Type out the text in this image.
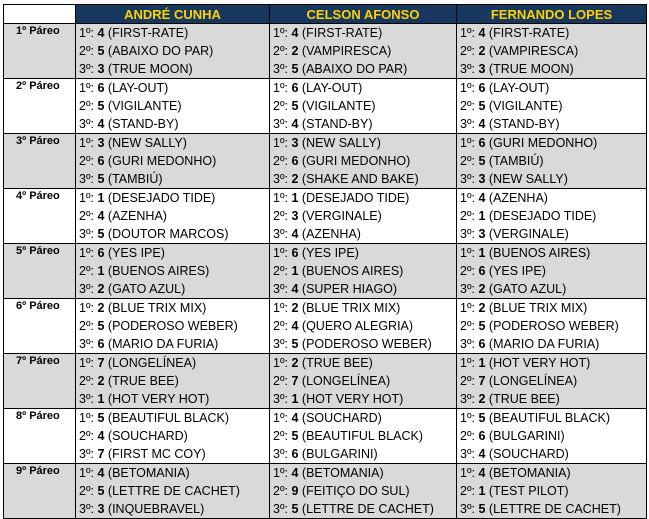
	ANDRÉ CUNHA	CELSON AFONSO	FERNANDO LOPES
1º Páreo	1º: 4 (FIRST-RATE)	1º: 4 (FIRST-RATE)	1º: 4 (FIRST-RATE)
	2º: 5 (ABAIXO DO PAR)	2º: 2 (VAMPIRESCA)	2º: 2 (VAMPIRESCA)
	3º: 3 (TRUE MOON)	3º: 5 (ABAIXO DO PAR)	3º: 3 (TRUE MOON)
2º Páreo	1º: 6 (LAY-OUT)	1º: 6 (LAY-OUT)	1º: 6 (LAY-OUT)
	2º: 5 (VIGILANTE)	2º: 5 (VIGILANTE)	2º: 5 (VIGILANTE)
	3º: 4 (STAND-BY)	3º: 4 (STAND-BY)	3º: 4 (STAND-BY)
3º Páreo	1º: 3 (NEW SALLY)	1º: 3 (NEW SALLY)	1º: 6 (GURI MEDONHO)
	2º: 6 (GURI MEDONHO)	2º: 6 (GURI MEDONHO)	2º: 5 (TAMBIÚ)
	3º: 5 (TAMBIÚ)	3º: 2 (SHAKE AND BAKE)	3º: 3 (NEW SALLY)
4º Páreo	1º: 1 (DESEJADO TIDE)	1º: 1 (DESEJADO TIDE)	1º: 4 (AZENHA)
	2º: 4 (AZENHA)	2º: 3 (VERGINALE)	2º: 1 (DESEJADO TIDE)
	3º: 5 (DOUTOR MARCOS)	3º: 4 (AZENHA)	3º: 3 (VERGINALE)
5º Páreo	1º: 6 (YES IPE)	1º: 6 (YES IPE)	1º: 1 (BUENOS AIRES)
	2º: 1 (BUENOS AIRES)	2º: 1 (BUENOS AIRES)	2º: 6 (YES IPE)
	3º: 2 (GATO AZUL)	3º: 4 (SUPER HIAGO)	3º: 2 (GATO AZUL)
6º Páreo	1º: 2 (BLUE TRIX MIX)	1º: 2 (BLUE TRIX MIX)	1º: 2 (BLUE TRIX MIX)
	2º: 5 (PODEROSO WEBER)	2º: 4 (QUERO ALEGRIA)	2º: 5 (PODEROSO WEBER)
	3º: 6 (MARIO DA FURIA)	3º: 5 (PODEROSO WEBER)	3º: 6 (MARIO DA FURIA)
7º Páreo	1º: 7 (LONGELÍNEA)	1º: 2 (TRUE BEE)	1º: 1 (HOT VERY HOT)
	2º: 2 (TRUE BEE)	2º: 7 (LONGELÍNEA)	2º: 7 (LONGELÍNEA)
	3º: 1 (HOT VERY HOT)	3º: 1 (HOT VERY HOT)	3º: 2 (TRUE BEE)
8º Páreo	1º: 5 (BEAUTIFUL BLACK)	1º: 4 (SOUCHARD)	1º: 5 (BEAUTIFUL BLACK)
	2º: 4 (SOUCHARD)	2º: 5 (BEAUTIFUL BLACK)	2º: 6 (BULGARINI)
	3º: 7 (FIRST MC COY)	3º: 6 (BULGARINI)	3º: 4 (SOUCHARD)
9º Páreo	1º: 4 (BETOMANIA)	1º: 4 (BETOMANIA)	1º: 4 (BETOMANIA)
	2º: 5 (LETTRE DE CACHET)	2º: 9 (FEITIÇO DO SUL)	2º: 1 (TEST PILOT)
	3º: 3 (INQUEBRAVEL)	3º: 5 (LETTRE DE CACHET)	3º: 5 (LETTRE DE CACHET)
